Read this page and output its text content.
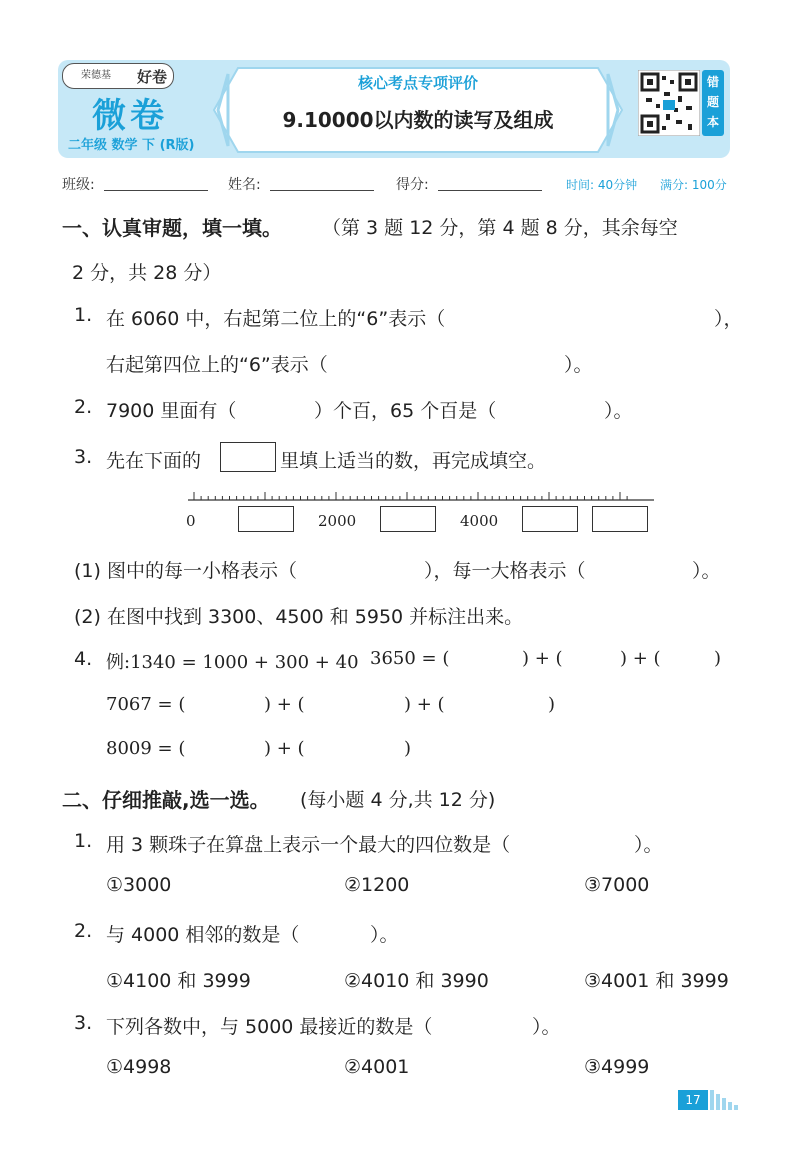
荣德基 好卷
微卷
二年级 数学 下 (R版)
核心考点专项评价
9.10000以内数的读写及组成
错题本
班级:	姓名:	得分:	时间: 40分钟 满分: 100分
一、认真审题，填一填。 （第 3 题 12 分，第 4 题 8 分，其余每空
2 分，共 28 分）
1. 在 6060 中，右起第二位上的“6”表示（	），
右起第四位上的“6”表示（	）。
2. 7900 里面有（	）个百，65 个百是（	）。
3. 先在下面的	里填上适当的数，再完成填空。
0	2000	4000
(1) 图中的每一小格表示（	），每一大格表示（	）。
(2) 在图中找到 3300、4500 和 5950 并标注出来。
4. 例:1340 = 1000 + 300 + 40 3650 = (	) + (	) + (	)
7067 = (	) + (	) + (	)
8009 = (	) + (	)
二、仔细推敲,选一选。 (每小题 4 分,共 12 分)
1. 用 3 颗珠子在算盘上表示一个最大的四位数是（	）。
①3000	②1200	③7000
2. 与 4000 相邻的数是（	）。
①4100 和 3999	②4010 和 3990	③4001 和 3999
3. 下列各数中，与 5000 最接近的数是（	）。
①4998	②4001	③4999
17
